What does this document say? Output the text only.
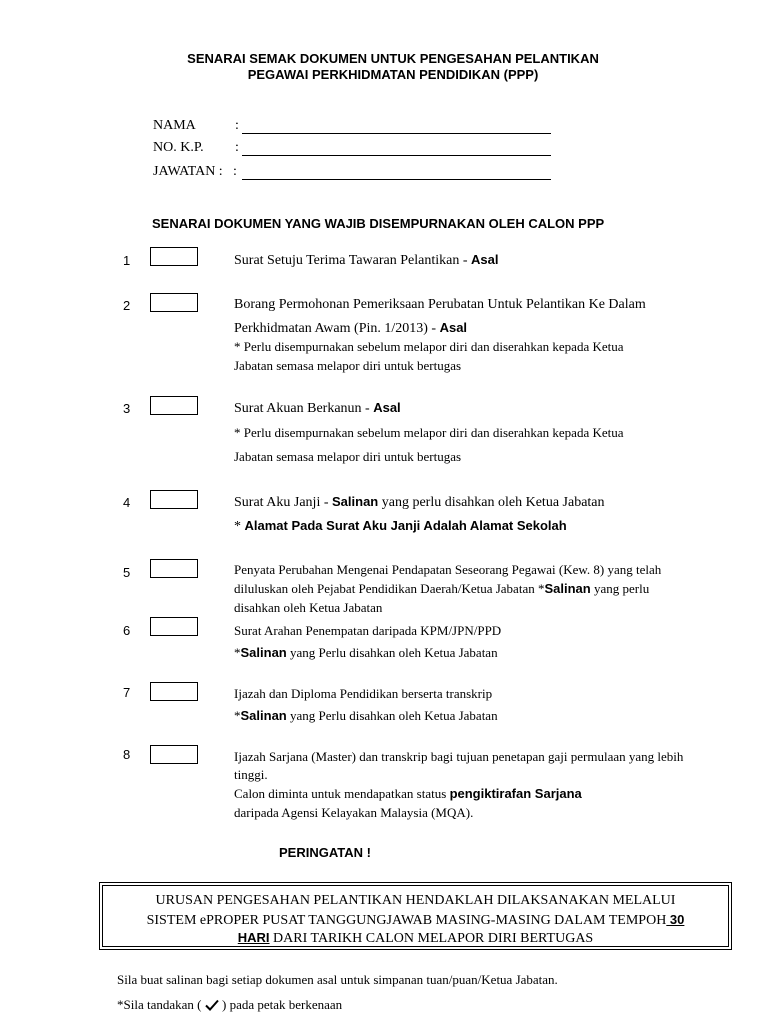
SENARAI SEMAK DOKUMEN UNTUK PENGESAHAN PELANTIKAN
PEGAWAI PERKHIDMATAN PENDIDIKAN (PPP)
NAMA	:
NO. K.P. :
JAWATAN : :
SENARAI DOKUMEN YANG WAJIB DISEMPURNAKAN OLEH CALON PPP
1	Surat Setuju Terima Tawaran Pelantikan - Asal
2	Borang Permohonan Pemeriksaan Perubatan Untuk Pelantikan Ke Dalam
Perkhidmatan Awam (Pin. 1/2013) - Asal
* Perlu disempurnakan sebelum melapor diri dan diserahkan kepada Ketua
Jabatan semasa melapor diri untuk bertugas
3	Surat Akuan Berkanun - Asal
* Perlu disempurnakan sebelum melapor diri dan diserahkan kepada Ketua
Jabatan semasa melapor diri untuk bertugas
4	Surat Aku Janji - Salinan yang perlu disahkan oleh Ketua Jabatan
* Alamat Pada Surat Aku Janji Adalah Alamat Sekolah
5	Penyata Perubahan Mengenai Pendapatan Seseorang Pegawai (Kew. 8) yang telah
diluluskan oleh Pejabat Pendidikan Daerah/Ketua Jabatan *Salinan yang perlu
disahkan oleh Ketua Jabatan
6	Surat Arahan Penempatan daripada KPM/JPN/PPD
*Salinan yang Perlu disahkan oleh Ketua Jabatan
7	Ijazah dan Diploma Pendidikan berserta transkrip
*Salinan yang Perlu disahkan oleh Ketua Jabatan
8	Ijazah Sarjana (Master) dan transkrip bagi tujuan penetapan gaji permulaan yang lebih
tinggi.
Calon diminta untuk mendapatkan status pengiktirafan Sarjana
daripada Agensi Kelayakan Malaysia (MQA).
PERINGATAN !
URUSAN PENGESAHAN PELANTIKAN HENDAKLAH DILAKSANAKAN MELALUI
SISTEM ePROPER PUSAT TANGGUNGJAWAB MASING-MASING DALAM TEMPOH 30
HARI DARI TARIKH CALON MELAPOR DIRI BERTUGAS
Sila buat salinan bagi setiap dokumen asal untuk simpanan tuan/puan/Ketua Jabatan.
*Sila tandakan (  ) pada petak berkenaan
